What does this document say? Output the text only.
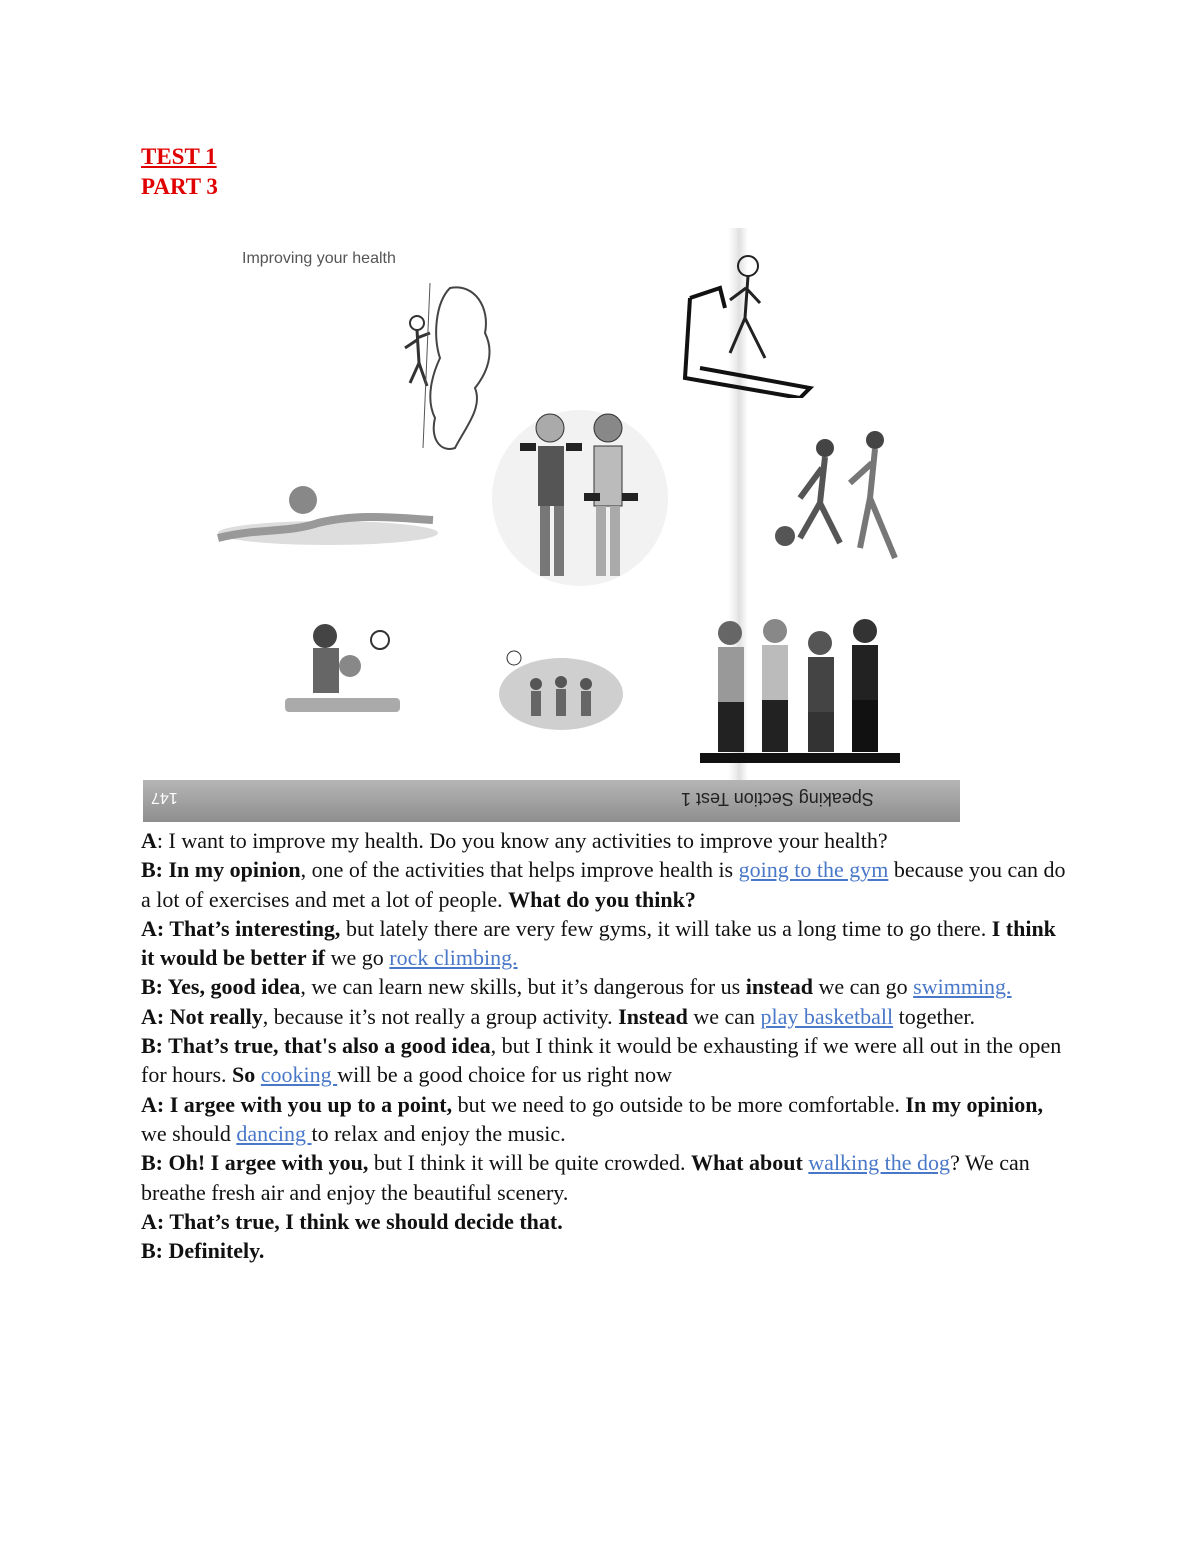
TEST 1
PART 3
Improving your health
147	Speaking Section Test 1

A: I want to improve my health. Do you know any activities to improve your health?

B: In my opinion, one of the activities that helps improve health is going to the gym because you can do a lot of exercises and met a lot of people. What do you think?

A: That’s interesting, but lately there are very few gyms, it will take us a long time to go there. I think it would be better if we go rock climbing.

B: Yes, good idea, we can learn new skills, but it’s dangerous for us instead we can go swimming.

A: Not really, because it’s not really a group activity. Instead we can play basketball together.

B: That’s true, that's also a good idea, but I think it would be exhausting if we were all out in the open for hours. So cooking will be a good choice for us right now

A: I argee with you up to a point, but we need to go outside to be more comfortable. In my opinion, we should dancing to relax and enjoy the music.

B: Oh! I argee with you, but I think it will be quite crowded. What about walking the dog? We can breathe fresh air and enjoy the beautiful scenery.

A: That’s true, I think we should decide that.

B: Definitely.
